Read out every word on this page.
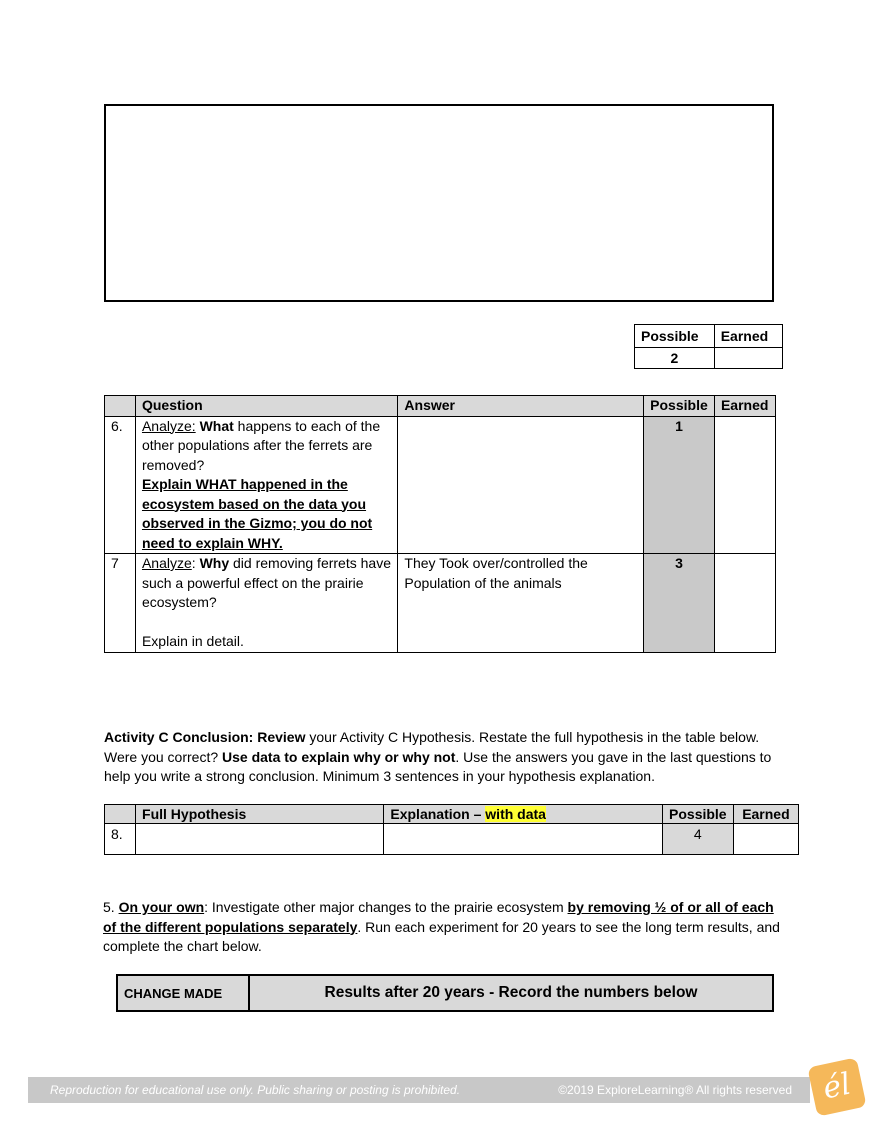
Possible	Earned
2	
	Question	Answer	Possible	Earned
6.	Analyze: What happens to each of the other populations after the ferrets are removed?
Explain WHAT happened in the ecosystem based on the data you observed in the Gizmo; you do not need to explain WHY.		1	
7	Analyze: Why did removing ferrets have such a powerful effect on the prairie ecosystem?

Explain in detail.	They Took over/controlled the Population of the animals	3	
Activity C Conclusion: Review your Activity C Hypothesis. Restate the full hypothesis in the table below. Were you correct? Use data to explain why or why not. Use the answers you gave in the last questions to help you write a strong conclusion. Minimum 3 sentences in your hypothesis explanation.
	Full Hypothesis	Explanation – with data	Possible	Earned
8.			4	
5. On your own: Investigate other major changes to the prairie ecosystem by removing ½ of or all of each of the different populations separately. Run each experiment for 20 years to see the long term results, and complete the chart below.
CHANGE MADE	Results after 20 years - Record the numbers below
Reproduction for educational use only. Public sharing or posting is prohibited.	©2019 ExploreLearning® All rights reserved él
